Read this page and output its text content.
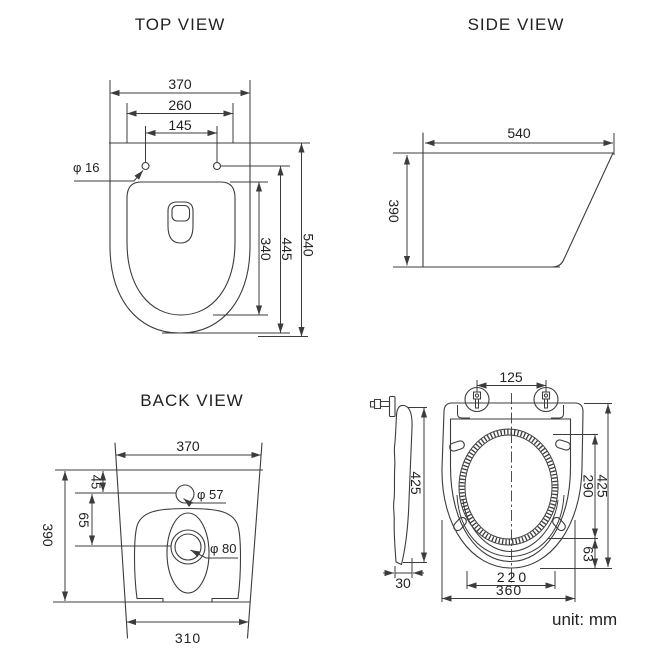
TOP VIEW
370
260
145
φ 16
340 445 540
SIDE VIEW
540
390
BACK VIEW
370
45
65
390
φ 57
φ 80
310
425
30
125
290
425
63
220
360
unit: mm
